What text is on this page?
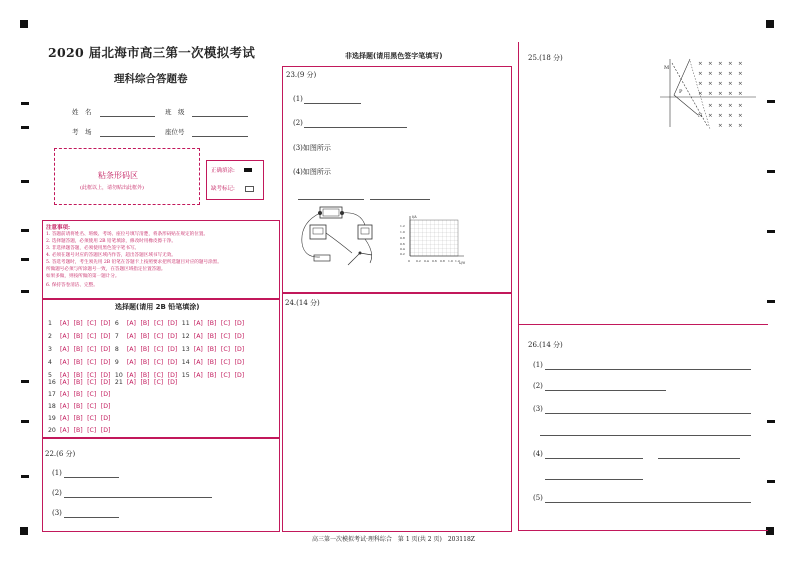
2020 届北海市高三第一次模拟考试
理科综合答题卷
姓　名	班　级
考　场	座位号
粘条形码区
(此框以上，请勿贴出此框外)
正确填涂:
缺考标记:
注意事项:
1. 答题前请将姓名、班级、考场、座位号填写清楚，将条形码贴在规定的位置。
2. 选择题答题，必须使用 2B 铅笔填涂，修改时用橡皮擦干净。
3. 非选择题答题，必须使用黑色签字笔书写。
4. 必须在题号对应的答题区域内作答，超出答题区域书写无效。
5. 答选考题时，考生须先用 2B 铅笔在答题卡上按照要求把所选题目对应的题号涂黑。
所做题号必须与所涂题号一致，在答题区域指定位置答题。
如果多做，则按所做的第一题计分。
6. 保持答卷清洁、完整。
选择题(请用 2B 铅笔填涂)
1 [A] [B] [C] [D] 6 [A] [B] [C] [D] 11 [A] [B] [C] [D]
2 [A] [B] [C] [D] 7 [A] [B] [C] [D] 12 [A] [B] [C] [D]
3 [A] [B] [C] [D] 8 [A] [B] [C] [D] 13 [A] [B] [C] [D]
4 [A] [B] [C] [D] 9 [A] [B] [C] [D] 14 [A] [B] [C] [D]
5 [A] [B] [C] [D] 10 [A] [B] [C] [D] 15 [A] [B] [C] [D]
16 [A] [B] [C] [D] 21 [A] [B] [C] [D]
17 [A] [B] [C] [D]
18 [A] [B] [C] [D]
19 [A] [B] [C] [D]
20 [A] [B] [C] [D]
22.(6 分)
(1)
(2)
(3)
非选择题(请用黑色签字笔填写)
23.(9 分)
(1)
(2)
(3)如图所示
(4)如图所示
I/A
U/V
1.2
1.0
0.8
0.6
0.4
0.2
0 0.2 0.4 0.6 0.8 1.0 1.2
24.(14 分)
25.(18 分)
M
P
N
× × × × ×
× × × × ×
× × × × ×
× × × × ×
× × × ×
× × × ×
× × ×
26.(14 分)
(1)
(2)
(3)
(4)
(5)
高三第一次模拟考试·理科综合　第 1 页(共 2 页)　203118Z
